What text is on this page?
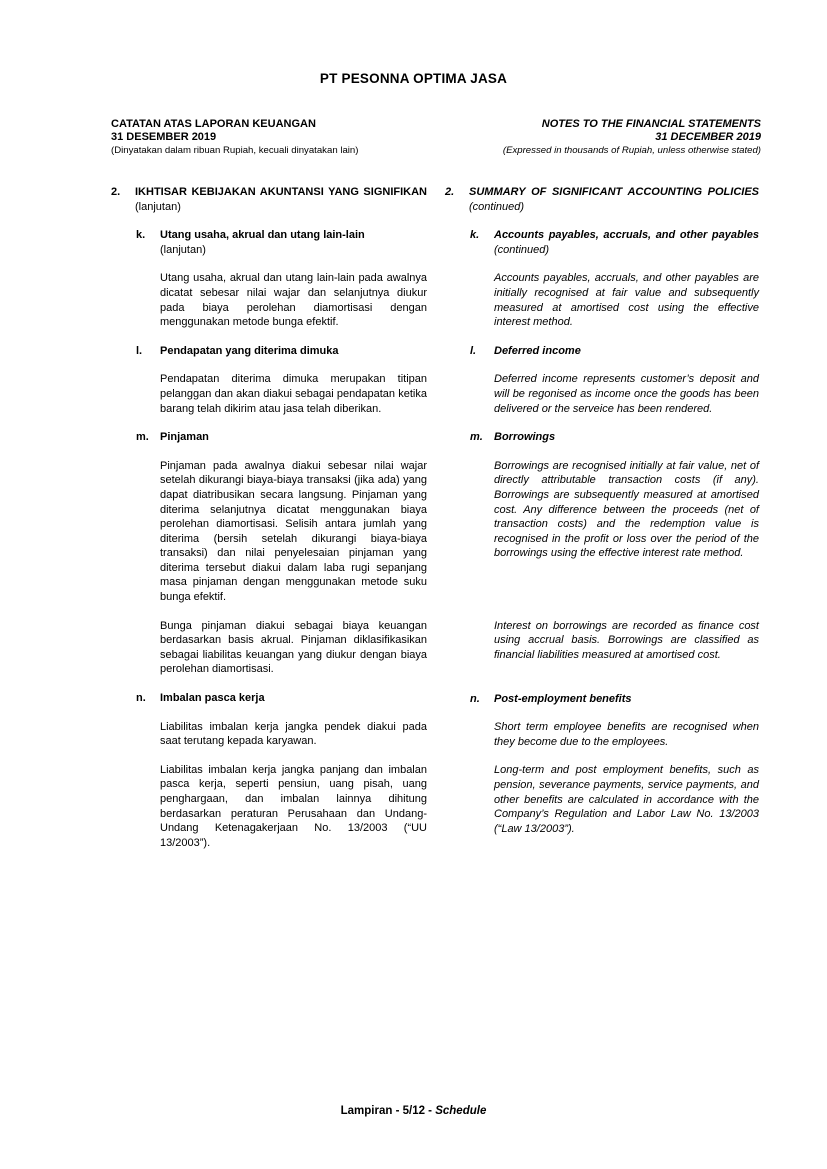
PT PESONNA OPTIMA JASA
CATATAN ATAS LAPORAN KEUANGAN
31 DESEMBER 2019
(Dinyatakan dalam ribuan Rupiah, kecuali dinyatakan lain)
NOTES TO THE FINANCIAL STATEMENTS
31 DECEMBER 2019
(Expressed in thousands of Rupiah, unless otherwise stated)
2.	IKHTISAR KEBIJAKAN AKUNTANSI YANG SIGNIFIKAN (lanjutan)
k.	Utang usaha, akrual dan utang lain-lain
(lanjutan)
Utang usaha, akrual dan utang lain-lain pada awalnya dicatat sebesar nilai wajar dan selanjutnya diukur pada biaya perolehan diamortisasi dengan menggunakan metode bunga efektif.
l.	Pendapatan yang diterima dimuka
Pendapatan diterima dimuka merupakan titipan pelanggan dan akan diakui sebagai pendapatan ketika barang telah dikirim atau jasa telah diberikan.
m.	Pinjaman
Pinjaman pada awalnya diakui sebesar nilai wajar setelah dikurangi biaya-biaya transaksi (jika ada) yang dapat diatribusikan secara langsung. Pinjaman yang diterima selanjutnya dicatat menggunakan biaya perolehan diamortisasi. Selisih antara jumlah yang diterima (bersih setelah dikurangi biaya-biaya transaksi) dan nilai penyelesaian pinjaman yang diterima tersebut diakui dalam laba rugi sepanjang masa pinjaman dengan menggunakan metode suku bunga efektif.
Bunga pinjaman diakui sebagai biaya keuangan berdasarkan basis akrual. Pinjaman diklasifikasikan sebagai liabilitas keuangan yang diukur dengan biaya perolehan diamortisasi.
n.	Imbalan pasca kerja
Liabilitas imbalan kerja jangka pendek diakui pada saat terutang kepada karyawan.
Liabilitas imbalan kerja jangka panjang dan imbalan pasca kerja, seperti pensiun, uang pisah, uang penghargaan, dan imbalan lainnya dihitung berdasarkan peraturan Perusahaan dan Undang-Undang Ketenagakerjaan No. 13/2003 (“UU 13/2003”).
2.	SUMMARY OF SIGNIFICANT ACCOUNTING POLICIES (continued)
k.	Accounts payables, accruals, and other payables (continued)
Accounts payables, accruals, and other payables are initially recognised at fair value and subsequently measured at amortised cost using the effective interest method.
l.	Deferred income
Deferred income represents customer’s deposit and will be regonised as income once the goods has been delivered or the serveice has been rendered.
m.	Borrowings
Borrowings are recognised initially at fair value, net of directly attributable transaction costs (if any). Borrowings are subsequently measured at amortised cost. Any difference between the proceeds (net of transaction costs) and the redemption value is recognised in the profit or loss over the period of the borrowings using the effective interest rate method.
Interest on borrowings are recorded as finance cost using accrual basis. Borrowings are classified as financial liabilities measured at amortised cost.
n.	Post-employment benefits
Short term employee benefits are recognised when they become due to the employees.
Long-term and post employment benefits, such as pension, severance payments, service payments, and other benefits are calculated in accordance with the Company’s Regulation and Labor Law No. 13/2003 (“Law 13/2003”).
Lampiran - 5/12 - Schedule
